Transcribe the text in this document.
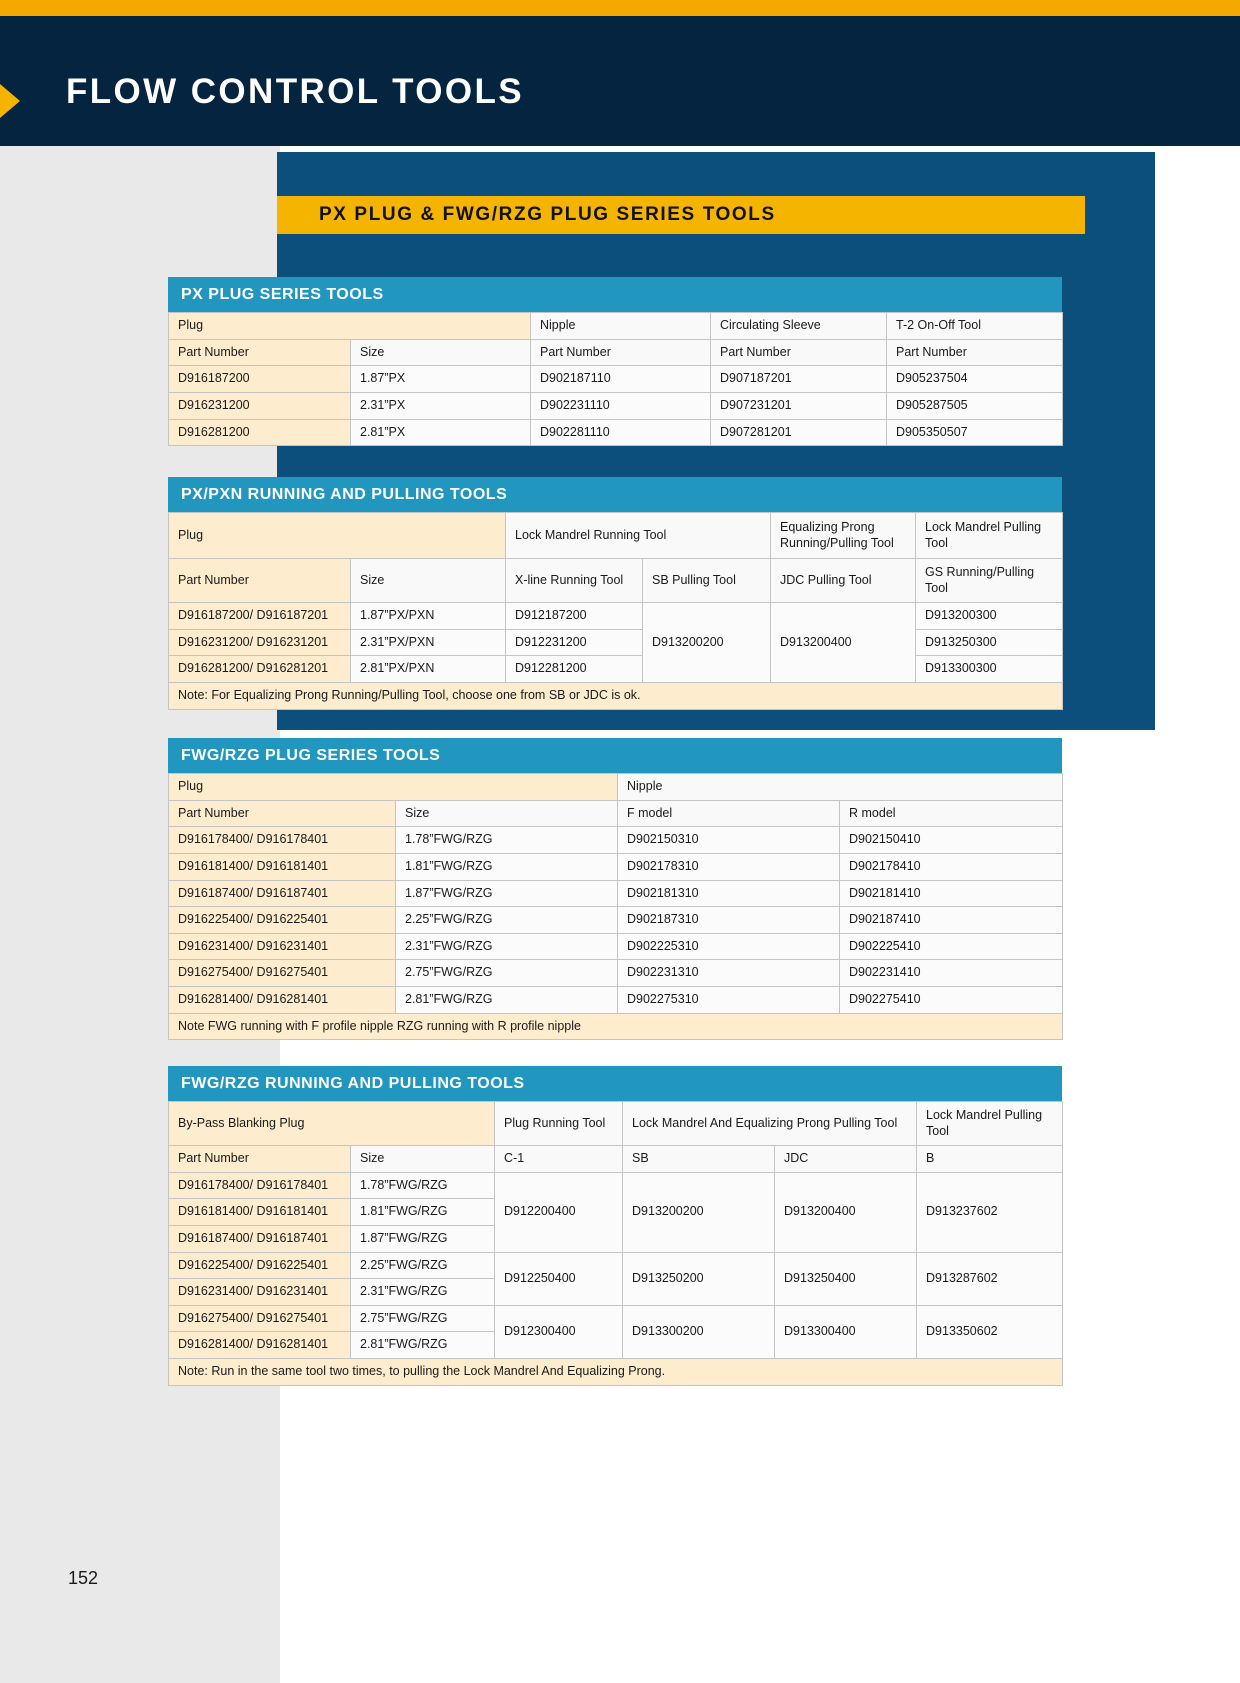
FLOW CONTROL TOOLS
PX PLUG & FWG/RZG PLUG SERIES TOOLS
PX PLUG SERIES TOOLS
Plug		Nipple	Circulating Sleeve	T-2 On-Off Tool
Part Number	Size	Part Number	Part Number	Part Number
D916187200	1.87”PX	D902187110	D907187201	D905237504
D916231200	2.31”PX	D902231110	D907231201	D905287505
D916281200	2.81”PX	D902281110	D907281201	D905350507
PX/PXN RUNNING AND PULLING TOOLS
Plug		Lock Mandrel Running Tool		Equalizing Prong Running/Pulling Tool	Lock Mandrel Pulling Tool
Part Number	Size	X-line Running Tool	SB Pulling Tool	JDC Pulling Tool	GS Running/Pulling Tool
D916187200/ D916187201	1.87”PX/PXN	D912187200	D913200200	D913200400	D913200300
D916231200/ D916231201	2.31”PX/PXN	D912231200			D913250300
D916281200/ D916281201	2.81”PX/PXN	D912281200			D913300300
Note: For Equalizing Prong Running/Pulling Tool, choose one from SB or JDC is ok.					
FWG/RZG PLUG SERIES TOOLS
Plug		Nipple	
Part Number	Size	F model	R model
D916178400/ D916178401	1.78”FWG/RZG	D902150310	D902150410
D916181400/ D916181401	1.81”FWG/RZG	D902178310	D902178410
D916187400/ D916187401	1.87”FWG/RZG	D902181310	D902181410
D916225400/ D916225401	2.25”FWG/RZG	D902187310	D902187410
D916231400/ D916231401	2.31”FWG/RZG	D902225310	D902225410
D916275400/ D916275401	2.75”FWG/RZG	D902231310	D902231410
D916281400/ D916281401	2.81”FWG/RZG	D902275310	D902275410
Note FWG running with F profile nipple RZG running with R profile nipple			
FWG/RZG RUNNING AND PULLING TOOLS
By-Pass Blanking Plug		Plug Running Tool	Lock Mandrel And Equalizing Prong Pulling Tool		Lock Mandrel Pulling Tool
Part Number	Size	C-1	SB	JDC	B
D916178400/ D916178401	1.78”FWG/RZG	D912200400	D913200200	D913200400	D913237602
D916181400/ D916181401	1.81”FWG/RZG				
D916187400/ D916187401	1.87”FWG/RZG				
D916225400/ D916225401	2.25”FWG/RZG	D912250400	D913250200	D913250400	D913287602
D916231400/ D916231401	2.31”FWG/RZG				
D916275400/ D916275401	2.75”FWG/RZG	D912300400	D913300200	D913300400	D913350602
D916281400/ D916281401	2.81”FWG/RZG				
Note: Run in the same tool two times, to pulling the Lock Mandrel And Equalizing Prong.					
152
